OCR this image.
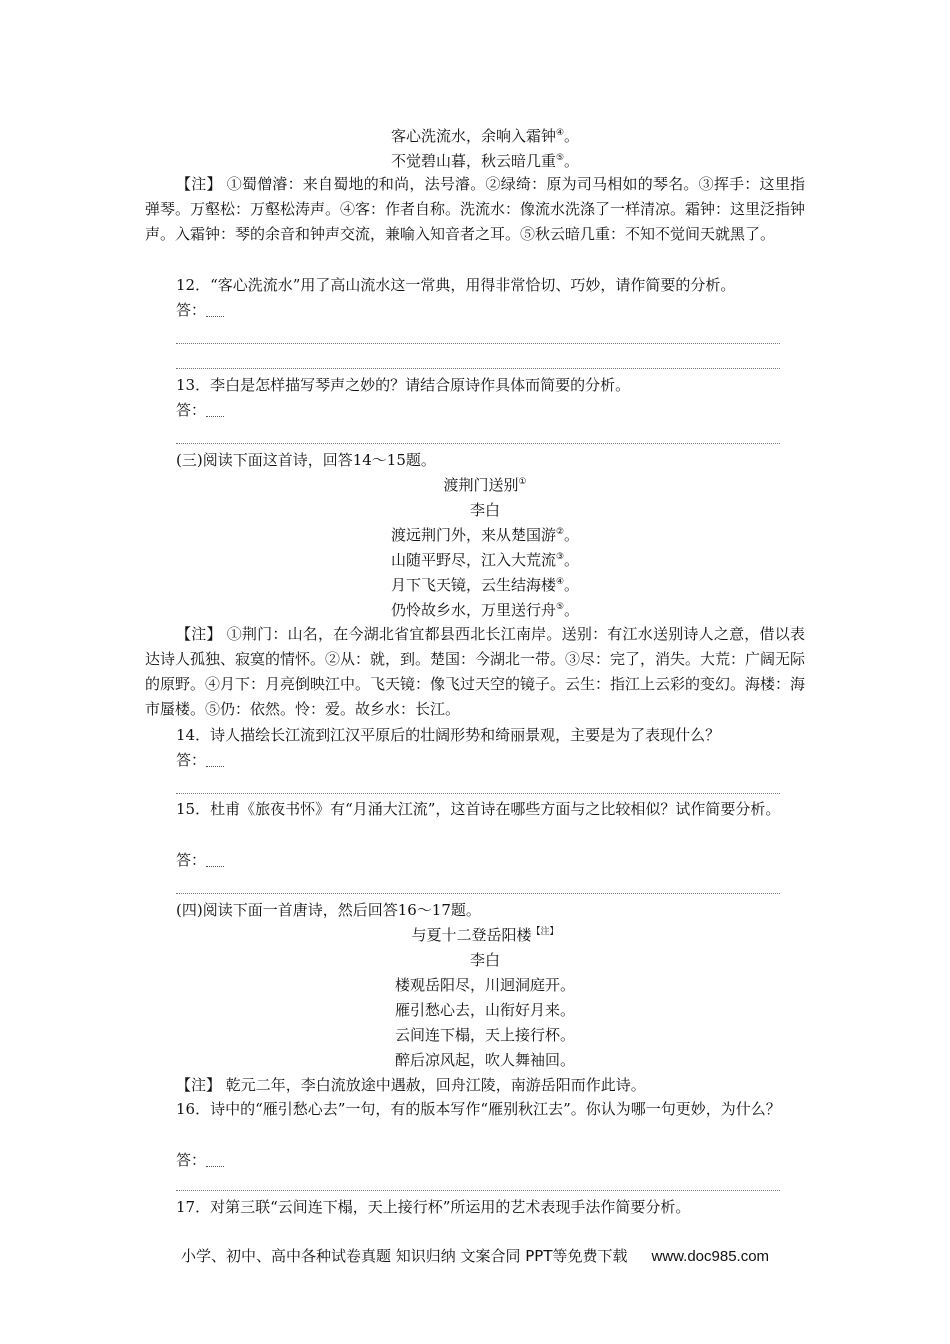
客心洗流水，余响入霜钟④。
不觉碧山暮，秋云暗几重⑤。
【注】 ①蜀僧濬：来自蜀地的和尚，法号濬。②绿绮：原为司马相如的琴名。③挥手：这里指弹琴。万壑松：万壑松涛声。④客：作者自称。洗流水：像流水洗涤了一样清凉。霜钟：这里泛指钟声。入霜钟：琴的余音和钟声交流，兼喻入知音者之耳。⑤秋云暗几重：不知不觉间天就黑了。
12．“客心洗流水”用了高山流水这一常典，用得非常恰切、巧妙，请作简要的分析。
答：
13．李白是怎样描写琴声之妙的？请结合原诗作具体而简要的分析。
答：
(三)阅读下面这首诗，回答14～15题。
渡荆门送别①
李白
渡远荆门外，来从楚国游②。
山随平野尽，江入大荒流③。
月下飞天镜，云生结海楼④。
仍怜故乡水，万里送行舟⑤。
【注】 ①荆门：山名，在今湖北省宜都县西北长江南岸。送别：有江水送别诗人之意，借以表达诗人孤独、寂寞的情怀。②从：就，到。楚国：今湖北一带。③尽：完了，消失。大荒：广阔无际的原野。④月下：月亮倒映江中。飞天镜：像飞过天空的镜子。云生：指江上云彩的变幻。海楼：海市蜃楼。⑤仍：依然。怜：爱。故乡水：长江。
14．诗人描绘长江流到江汉平原后的壮阔形势和绮丽景观，主要是为了表现什么？
答：
15．杜甫《旅夜书怀》有“月涌大江流”，这首诗在哪些方面与之比较相似？试作简要分析。
答：
(四)阅读下面一首唐诗，然后回答16～17题。
与夏十二登岳阳楼$^{【注】}$
李白
楼观岳阳尽，川迥洞庭开。
雁引愁心去，山衔好月来。
云间连下榻，天上接行杯。
醉后凉风起，吹人舞袖回。
【注】 乾元二年，李白流放途中遇赦，回舟江陵，南游岳阳而作此诗。
16．诗中的“雁引愁心去”一句，有的版本写作“雁别秋江去”。你认为哪一句更妙，为什么？
答：
17．对第三联“云间连下榻，天上接行杯”所运用的艺术表现手法作简要分析。
小学、初中、高中各种试卷真题 知识归纳 文案合同 PPT等免费下载 www.doc985.com
